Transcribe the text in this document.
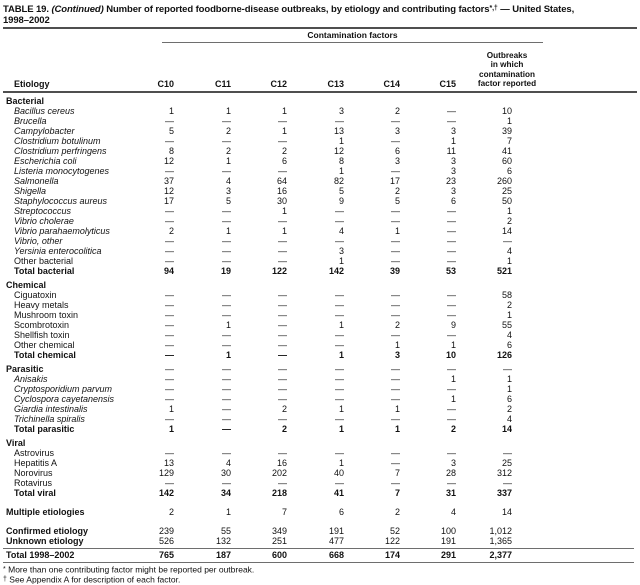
TABLE 19. (Continued) Number of reported foodborne-disease outbreaks, by etiology and contributing factors*,† — United States,
1998–2002
Contamination factors
Outbreaks
in which
contamination
factor reported
Etiology	C10	C11	C12	C13	C14	C15
Bacterial
Bacillus cereus	1	1	1	3	2	—	10
Brucella	—	—	—	—	—	—	1
Campylobacter	5	2	1	13	3	3	39
Clostridium botulinum	—	—	—	1	—	1	7
Clostridium perfringens	8	2	2	12	6	11	41
Escherichia coli	12	1	6	8	3	3	60
Listeria monocytogenes	—	—	—	1	—	3	6
Salmonella	37	4	64	82	17	23	260
Shigella	12	3	16	5	2	3	25
Staphylococcus aureus	17	5	30	9	5	6	50
Streptococcus	—	—	1	—	—	—	1
Vibrio cholerae	—	—	—	—	—	—	2
Vibrio parahaemolyticus	2	1	1	4	1	—	14
Vibrio, other	—	—	—	—	—	—	—
Yersinia enterocolitica	—	—	—	3	—	—	4
Other bacterial	—	—	—	1	—	—	1
Total bacterial	94	19	122	142	39	53	521
Chemical
Ciguatoxin	—	—	—	—	—	—	58
Heavy metals	—	—	—	—	—	—	2
Mushroom toxin	—	—	—	—	—	—	1
Scombrotoxin	—	1	—	1	2	9	55
Shellfish toxin	—	—	—	—	—	—	4
Other chemical	—	—	—	—	1	1	6
Total chemical	—	1	—	1	3	10	126
Parasitic	—	—	—	—	—	—	—
Anisakis	—	—	—	—	—	1	1
Cryptosporidium parvum	—	—	—	—	—	—	1
Cyclospora cayetanensis	—	—	—	—	—	1	6
Giardia intestinalis	1	—	2	1	1	—	2
Trichinella spiralis	—	—	—	—	—	—	4
Total parasitic	1	—	2	1	1	2	14
Viral
Astrovirus	—	—	—	—	—	—	—
Hepatitis A	13	4	16	1	—	3	25
Norovirus	129	30	202	40	7	28	312
Rotavirus	—	—	—	—	—	—	—
Total viral	142	34	218	41	7	31	337
Multiple etiologies	2	1	7	6	2	4	14
Confirmed etiology	239	55	349	191	52	100	1,012
Unknown etiology	526	132	251	477	122	191	1,365
Total 1998–2002	765	187	600	668	174	291	2,377
* More than one contributing factor might be reported per outbreak.
† See Appendix A for description of each factor.
